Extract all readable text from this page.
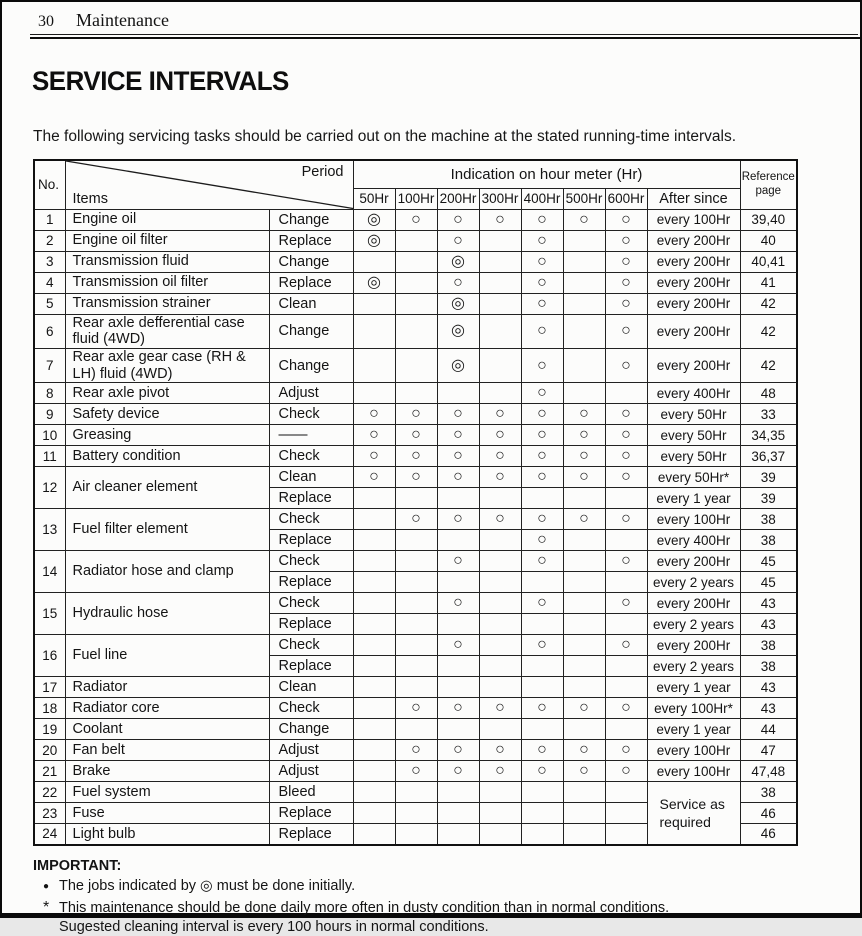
30 Maintenance
SERVICE INTERVALS
The following servicing tasks should be carried out on the machine at the stated running-time intervals.
No.	Period
Items		Indication on hour meter (Hr)								Reference
page
			50Hr	100Hr	200Hr	300Hr	400Hr	500Hr	600Hr	After since	
1	Engine oil	Change	◎	○	○	○	○	○	○	every 100Hr	39,40
2	Engine oil filter	Replace	◎		○		○		○	every 200Hr	40
3	Transmission fluid	Change			◎		○		○	every 200Hr	40,41
4	Transmission oil filter	Replace	◎		○		○		○	every 200Hr	41
5	Transmission strainer	Clean			◎		○		○	every 200Hr	42
6	Rear axle defferential case fluid (4WD)	Change			◎		○		○	every 200Hr	42
7	Rear axle gear case (RH & LH) fluid (4WD)	Change			◎		○		○	every 200Hr	42
8	Rear axle pivot	Adjust					○			every 400Hr	48
9	Safety device	Check	○	○	○	○	○	○	○	every 50Hr	33
10	Greasing	——	○	○	○	○	○	○	○	every 50Hr	34,35
11	Battery condition	Check	○	○	○	○	○	○	○	every 50Hr	36,37
12	Air cleaner element	Clean	○	○	○	○	○	○	○	every 50Hr*	39
		Replace								every 1 year	39
13	Fuel filter element	Check		○	○	○	○	○	○	every 100Hr	38
		Replace					○			every 400Hr	38
14	Radiator hose and clamp	Check			○		○		○	every 200Hr	45
		Replace								every 2 years	45
15	Hydraulic hose	Check			○		○		○	every 200Hr	43
		Replace								every 2 years	43
16	Fuel line	Check			○		○		○	every 200Hr	38
		Replace								every 2 years	38
17	Radiator	Clean								every 1 year	43
18	Radiator core	Check		○	○	○	○	○	○	every 100Hr*	43
19	Coolant	Change								every 1 year	44
20	Fan belt	Adjust		○	○	○	○	○	○	every 100Hr	47
21	Brake	Adjust		○	○	○	○	○	○	every 100Hr	47,48
22	Fuel system	Bleed								Service as required	38
23	Fuse	Replace									46
24	Light bulb	Replace									46
IMPORTANT:
● The jobs indicated by ◎ must be done initially.
* This maintenance should be done daily more often in dusty condition than in normal conditions.
Sugested cleaning interval is every 100 hours in normal conditions.
